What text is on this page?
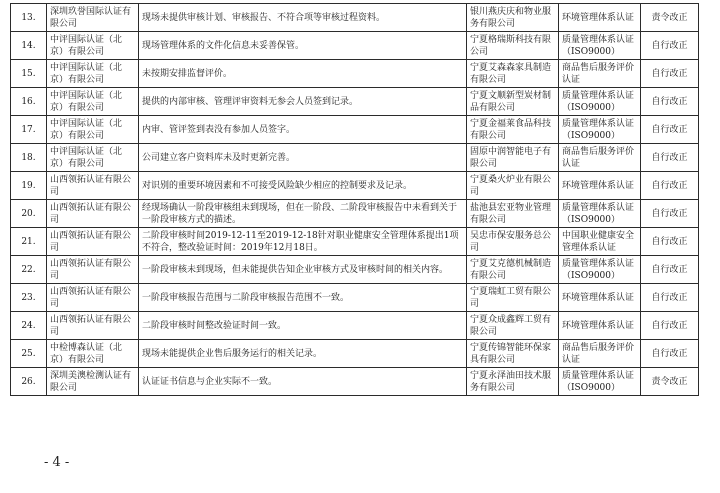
13.	深圳玖誉国际认证有限公司	现场未提供审核计划、审核报告、不符合项等审核过程资料。	银川燕庆庆和物业服务有限公司	环境管理体系认证	责令改正
14.	中评国际认证（北京）有限公司	现场管理体系的文件化信息未妥善保管。	宁夏格瑞斯科技有限公司	质量管理体系认证（ISO9000）	自行改正
15.	中评国际认证（北京）有限公司	未按期安排监督评价。	宁夏艾森森家具制造有限公司	商品售后服务评价认证	自行改正
16.	中评国际认证（北京）有限公司	提供的内部审核、管理评审资料无参会人员签到记录。	宁夏文顺新型炭材制品有限公司	质量管理体系认证（ISO9000）	自行改正
17.	中评国际认证（北京）有限公司	内审、管评签到表没有参加人员签字。	宁夏金福莱食品科技有限公司	质量管理体系认证（ISO9000）	自行改正
18.	中评国际认证（北京）有限公司	公司建立客户资料库未及时更新完善。	固原中润智能电子有限公司	商品售后服务评价认证	自行改正
19.	山西领拓认证有限公司	对识别的重要环境因素和不可接受风险缺少相应的控制要求及记录。	宁夏桑火炉业有限公司	环境管理体系认证	自行改正
20.	山西领拓认证有限公司	经现场确认一阶段审核组未到现场，但在一阶段、二阶段审核报告中未看到关于一阶段审核方式的描述。	盐池县宏亚物业管理有限公司	质量管理体系认证（ISO9000）	自行改正
21.	山西领拓认证有限公司	二阶段审核时间2019-12-11至2019-12-18针对职业健康安全管理体系提出1项不符合，整改验证时间：2019年12月18日。	吴忠市保安服务总公司	中国职业健康安全管理体系认证	自行改正
22.	山西领拓认证有限公司	一阶段审核未到现场，但未能提供告知企业审核方式及审核时间的相关内容。	宁夏艾克德机械制造有限公司	质量管理体系认证（ISO9000）	自行改正
23.	山西领拓认证有限公司	一阶段审核报告范围与二阶段审核报告范围不一致。	宁夏瑞虹工贸有限公司	环境管理体系认证	自行改正
24.	山西领拓认证有限公司	二阶段审核时间整改验证时间一致。	宁夏众成鑫辉工贸有限公司	环境管理体系认证	自行改正
25.	中检博森认证（北京）有限公司	现场未能提供企业售后服务运行的相关记录。	宁夏传锦智能环保家具有限公司	商品售后服务评价认证	自行改正
26.	深圳美澳检测认证有限公司	认证证书信息与企业实际不一致。	宁夏永泽油田技术服务有限公司	质量管理体系认证（ISO9000）	责令改正
- 4 -
